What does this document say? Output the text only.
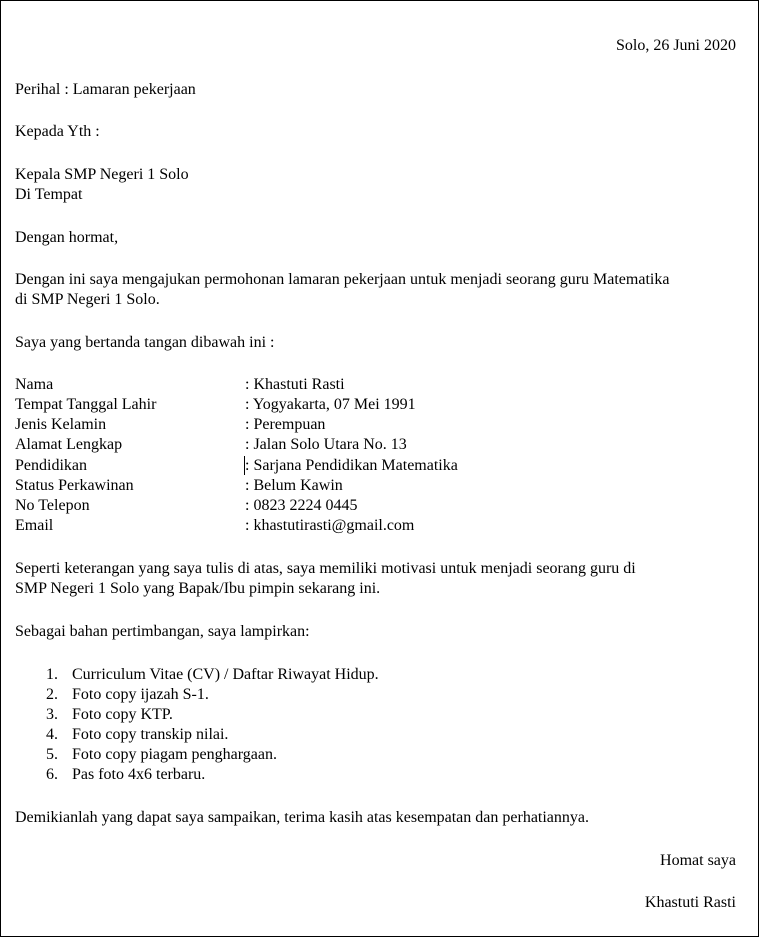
Solo, 26 Juni 2020
Perihal : Lamaran pekerjaan
Kepada Yth :
Kepala SMP Negeri 1 Solo
Di Tempat
Dengan hormat,
Dengan ini saya mengajukan permohonan lamaran pekerjaan untuk menjadi seorang guru Matematika
di SMP Negeri 1 Solo.
Saya yang bertanda tangan dibawah ini :
Nama	: Khastuti Rasti
Tempat Tanggal Lahir	: Yogyakarta, 07 Mei 1991
Jenis Kelamin	: Perempuan
Alamat Lengkap	: Jalan Solo Utara No. 13
Pendidikan	: Sarjana Pendidikan Matematika
Status Perkawinan	: Belum Kawin
No Telepon	: 0823 2224 0445
Email	: khastutirasti@gmail.com
Seperti keterangan yang saya tulis di atas, saya memiliki motivasi untuk menjadi seorang guru di
SMP Negeri 1 Solo yang Bapak/Ibu pimpin sekarang ini.
Sebagai bahan pertimbangan, saya lampirkan:
1. Curriculum Vitae (CV) / Daftar Riwayat Hidup.
2. Foto copy ijazah S-1.
3. Foto copy KTP.
4. Foto copy transkip nilai.
5. Foto copy piagam penghargaan.
6. Pas foto 4x6 terbaru.
Demikianlah yang dapat saya sampaikan, terima kasih atas kesempatan dan perhatiannya.
Homat saya
Khastuti Rasti
